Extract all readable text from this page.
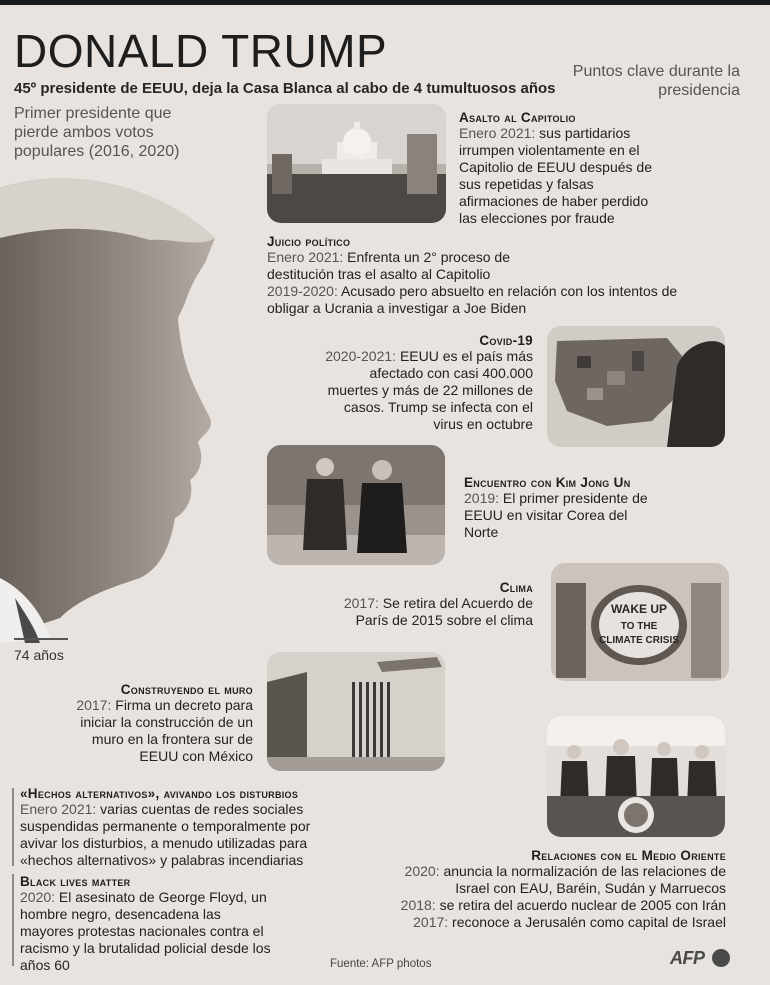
DONALD TRUMP
45º presidente de EEUU, deja la Casa Blanca al cabo de 4 tumultuosos años
Puntos clave durante la presidencia
Primer presidente que pierde ambos votos populares (2016, 2020)
74 años
Asalto al Capitolio

Enero 2021: sus partidarios irrumpen violentamente en el Capitolio de EEUU después de sus repetidas y falsas afirmaciones de haber perdido las elecciones por fraude

Juicio político

Enero 2021: Enfrenta un 2° proceso de destitución tras el asalto al Capitolio

2019-2020: Acusado pero absuelto en relación con los intentos de obligar a Ucrania a investigar a Joe Biden

Covid-19

2020-2021: EEUU es el país más afectado con casi 400.000 muertes y más de 22 millones de casos. Trump se infecta con el virus en octubre

Encuentro con Kim Jong Un

2019: El primer presidente de EEUU en visitar Corea del Norte

WAKE UP
TO THE
CLIMATE CRISIS
Clima

2017: Se retira del Acuerdo de París de 2015 sobre el clima

Construyendo el muro

2017: Firma un decreto para iniciar la construcción de un muro en la frontera sur de EEUU con México

«Hechos alternativos», avivando los disturbios

Enero 2021: varias cuentas de redes sociales suspendidas permanente o temporalmente por avivar los disturbios, a menudo utilizadas para «hechos alternativos» y palabras incendiarias

Black lives matter

2020: El asesinato de George Floyd, un hombre negro, desencadena las mayores protestas nacionales contra el racismo y la brutalidad policial desde los años 60

Relaciones con el Medio Oriente

2020: anuncia la normalización de las relaciones de Israel con EAU, Baréin, Sudán y Marruecos

2018: se retira del acuerdo nuclear de 2005 con Irán

2017: reconoce a Jerusalén como capital de Israel

Fuente: AFP photos	AFP
